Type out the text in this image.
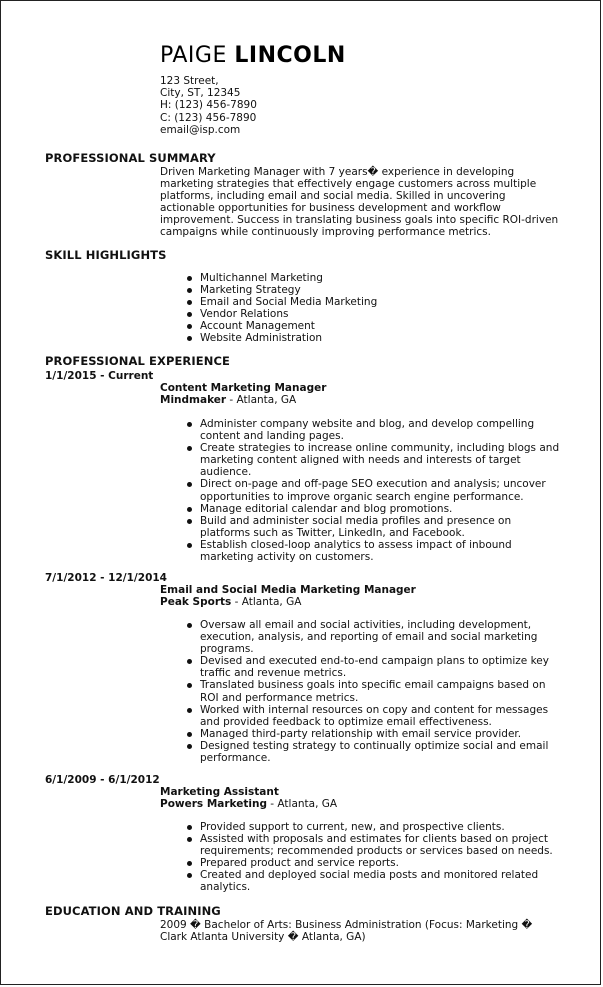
PAIGE LINCOLN
123 Street,
City, ST, 12345
H: (123) 456-7890
C: (123) 456-7890
email@isp.com
PROFESSIONAL SUMMARY
Driven Marketing Manager with 7 years� experience in developing marketing strategies that effectively engage customers across multiple platforms, including email and social media. Skilled in uncovering actionable opportunities for business development and workflow improvement. Success in translating business goals into specific ROI-driven campaigns while continuously improving performance metrics.
SKILL HIGHLIGHTS
Multichannel Marketing
Marketing Strategy
Email and Social Media Marketing
Vendor Relations
Account Management
Website Administration
PROFESSIONAL EXPERIENCE
1/1/2015 - Current
Content Marketing Manager
Mindmaker - Atlanta, GA
Administer company website and blog, and develop compelling content and landing pages.
Create strategies to increase online community, including blogs and marketing content aligned with needs and interests of target audience.
Direct on-page and off-page SEO execution and analysis; uncover opportunities to improve organic search engine performance.
Manage editorial calendar and blog promotions.
Build and administer social media profiles and presence on platforms such as Twitter, LinkedIn, and Facebook.
Establish closed-loop analytics to assess impact of inbound marketing activity on customers.
7/1/2012 - 12/1/2014
Email and Social Media Marketing Manager
Peak Sports - Atlanta, GA
Oversaw all email and social activities, including development, execution, analysis, and reporting of email and social marketing programs.
Devised and executed end-to-end campaign plans to optimize key traffic and revenue metrics.
Translated business goals into specific email campaigns based on ROI and performance metrics.
Worked with internal resources on copy and content for messages and provided feedback to optimize email effectiveness.
Managed third-party relationship with email service provider.
Designed testing strategy to continually optimize social and email performance.
6/1/2009 - 6/1/2012
Marketing Assistant
Powers Marketing - Atlanta, GA
Provided support to current, new, and prospective clients.
Assisted with proposals and estimates for clients based on project requirements; recommended products or services based on needs.
Prepared product and service reports.
Created and deployed social media posts and monitored related analytics.
EDUCATION AND TRAINING
2009 � Bachelor of Arts: Business Administration (Focus: Marketing � Clark Atlanta University � Atlanta, GA)
